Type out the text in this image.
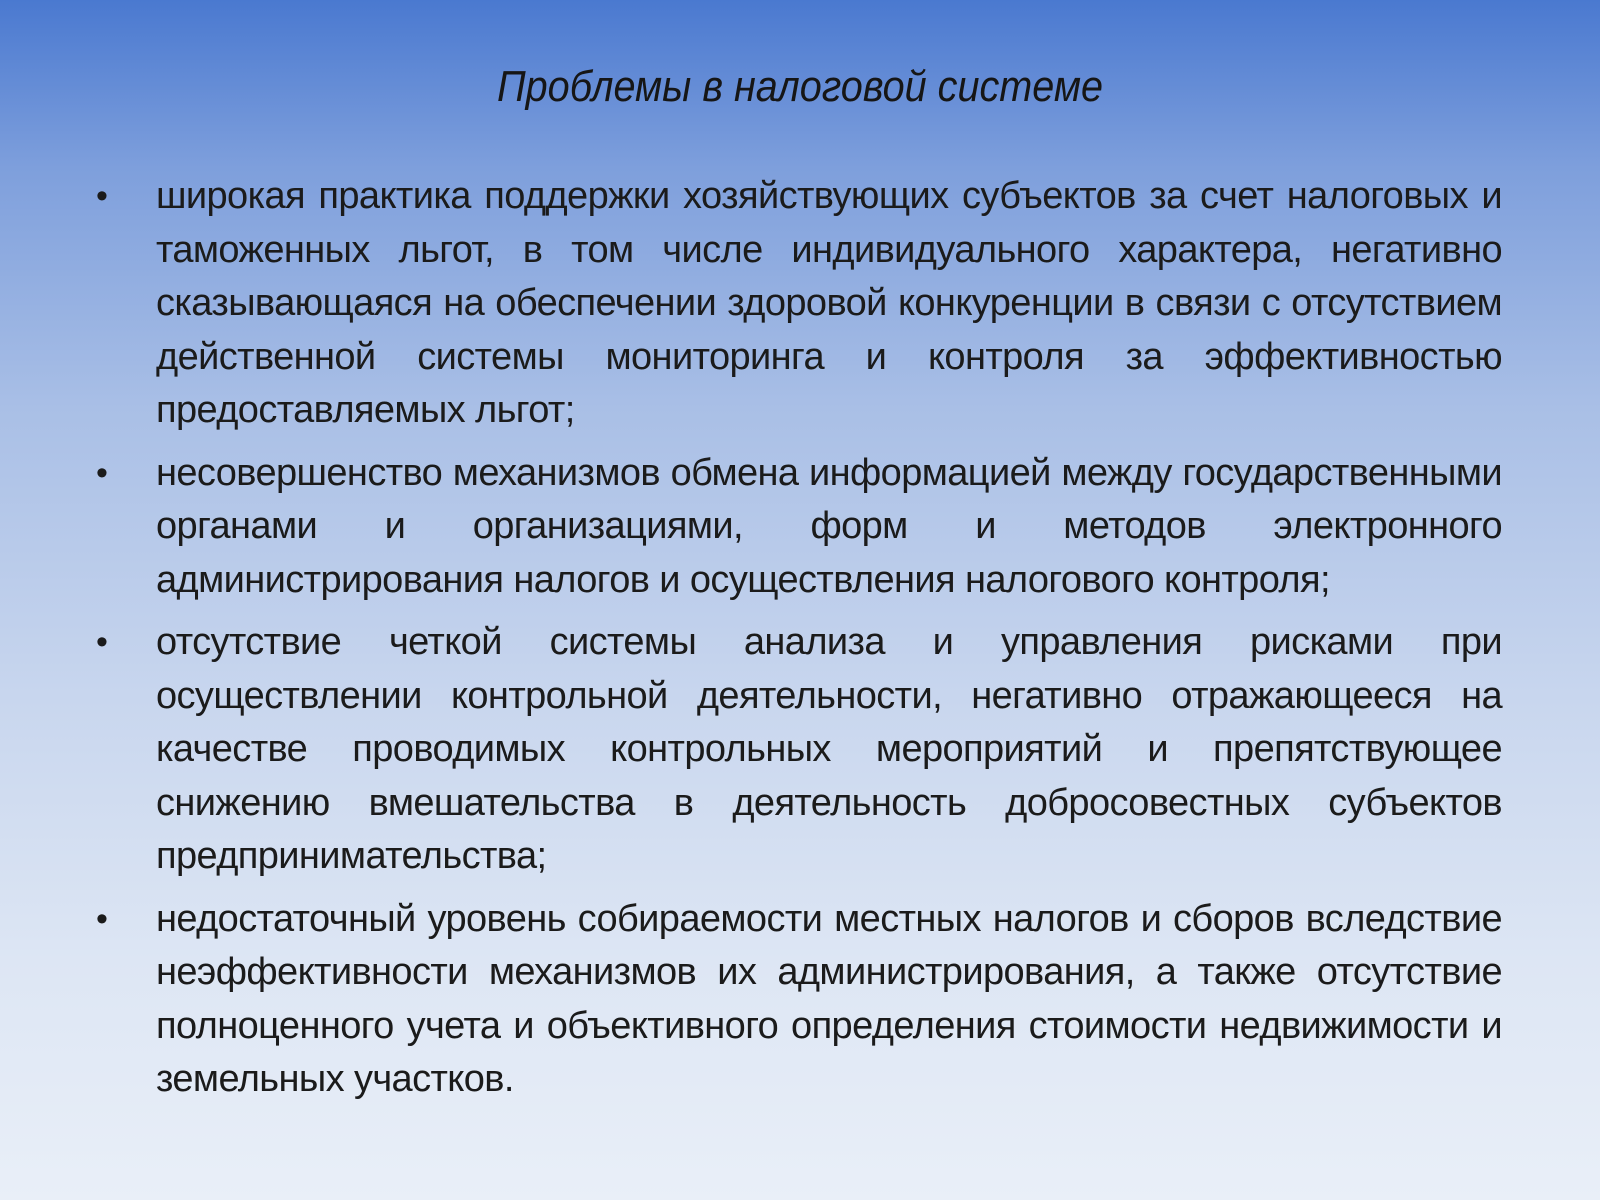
Проблемы в налоговой системе
• широкая практика поддержки хозяйствующих субъектов за счет налоговых и таможенных льгот, в том числе индивидуального характера, негативно сказывающаяся на обеспечении здоровой конкуренции в связи с отсутствием действенной системы мониторинга и контроля за эффективностью предоставляемых льгот;
• несовершенство механизмов обмена информацией между государственными органами и организациями, форм и методов электронного администрирования налогов и осуществления налогового контроля;
• отсутствие четкой системы анализа и управления рисками при осуществлении контрольной деятельности, негативно отражающееся на качестве проводимых контрольных мероприятий и препятствующее снижению вмешательства в деятельность добросовестных субъектов предпринимательства;
• недостаточный уровень собираемости местных налогов и сборов вследствие неэффективности механизмов их администрирования, а также отсутствие полноценного учета и объективного определения стоимости недвижимости и земельных участков.
